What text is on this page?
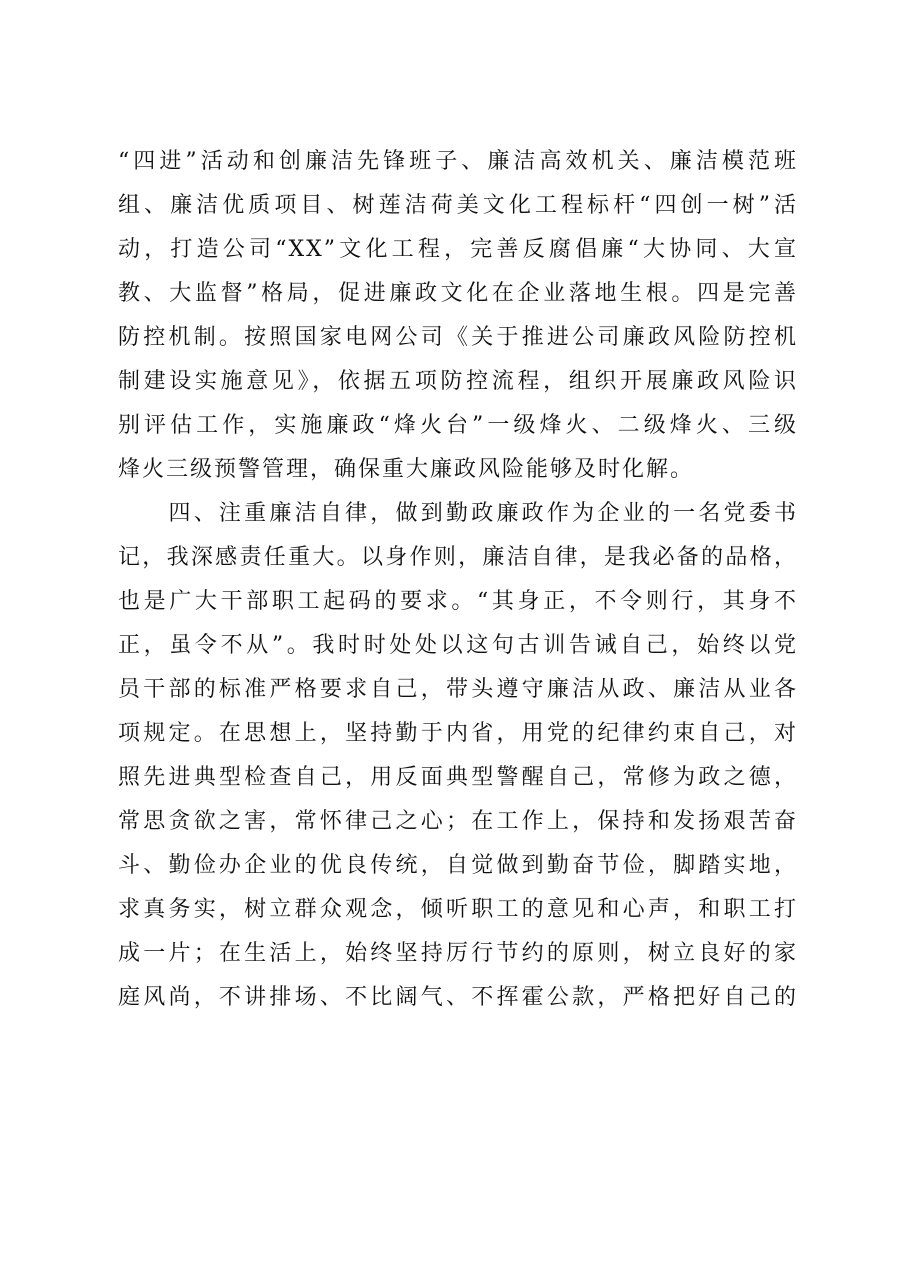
“四进”活动和创廉洁先锋班子、廉洁高效机关、廉洁模范班
组、廉洁优质项目、树莲洁荷美文化工程标杆“四创一树”活
动，打造公司“XX”文化工程，完善反腐倡廉“大协同、大宣
教、大监督”格局，促进廉政文化在企业落地生根。四是完善
防控机制。按照国家电网公司《关于推进公司廉政风险防控机
制建设实施意见》，依据五项防控流程，组织开展廉政风险识
别评估工作，实施廉政“烽火台”一级烽火、二级烽火、三级
烽火三级预警管理，确保重大廉政风险能够及时化解。
　　四、注重廉洁自律，做到勤政廉政作为企业的一名党委书
记，我深感责任重大。以身作则，廉洁自律，是我必备的品格，
也是广大干部职工起码的要求。“其身正，不令则行，其身不
正，虽令不从”。我时时处处以这句古训告诫自己，始终以党
员干部的标准严格要求自己，带头遵守廉洁从政、廉洁从业各
项规定。在思想上，坚持勤于内省，用党的纪律约束自己，对
照先进典型检查自己，用反面典型警醒自己，常修为政之德，
常思贪欲之害，常怀律己之心；在工作上，保持和发扬艰苦奋
斗、勤俭办企业的优良传统，自觉做到勤奋节俭，脚踏实地，
求真务实，树立群众观念，倾听职工的意见和心声，和职工打
成一片；在生活上，始终坚持厉行节约的原则，树立良好的家
庭风尚，不讲排场、不比阔气、不挥霍公款，严格把好自己的
